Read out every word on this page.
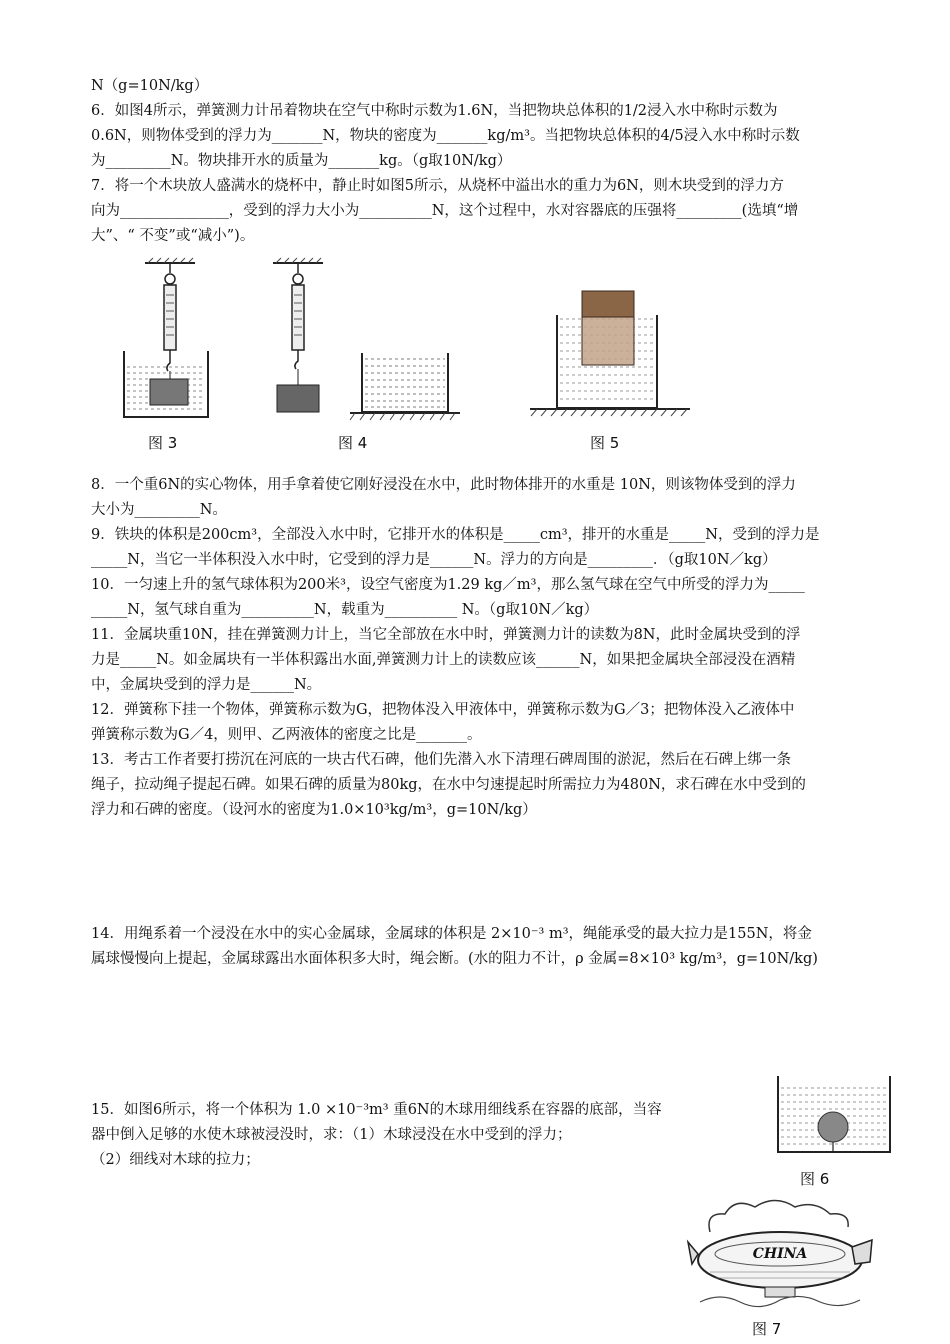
N（g=10N/kg）
6．如图4所示，弹簧测力计吊着物块在空气中称时示数为1.6N，当把物块总体积的1/2浸入水中称时示数为
0.6N，则物体受到的浮力为_______N，物块的密度为_______kg/m³。当把物块总体积的4/5浸入水中称时示数
为_________N。物块排开水的质量为_______kg。（g取10N/kg）
7．将一个木块放人盛满水的烧杯中，静止时如图5所示，从烧杯中溢出水的重力为6N，则木块受到的浮力方
向为_______________，受到的浮力大小为__________N，这个过程中，水对容器底的压强将_________(选填“增
大”、“ 不变”或“减小”)。
8．一个重6N的实心物体，用手拿着使它刚好浸没在水中，此时物体排开的水重是 10N，则该物体受到的浮力
大小为_________N。
9．铁块的体积是200cm³，全部没入水中时，它排开水的体积是_____cm³，排开的水重是_____N，受到的浮力是
_____N，当它一半体积没入水中时，它受到的浮力是______N。浮力的方向是_________．（g取10N／kg）
10．一匀速上升的氢气球体积为200米³，设空气密度为1.29 kg／m³，那么氢气球在空气中所受的浮力为_____
_____N，氢气球自重为__________N，载重为__________ N。（g取10N／kg）
11．金属块重10N，挂在弹簧测力计上，当它全部放在水中时，弹簧测力计的读数为8N，此时金属块受到的浮
力是_____N。如金属块有一半体积露出水面,弹簧测力计上的读数应该______N，如果把金属块全部浸没在酒精
中，金属块受到的浮力是______N。
12．弹簧称下挂一个物体，弹簧称示数为G，把物体没入甲液体中，弹簧称示数为G／3；把物体没入乙液体中
弹簧称示数为G／4，则甲、乙两液体的密度之比是_______。
13．考古工作者要打捞沉在河底的一块古代石碑，他们先潜入水下清理石碑周围的淤泥，然后在石碑上绑一条
绳子，拉动绳子提起石碑。如果石碑的质量为80kg，在水中匀速提起时所需拉力为480N，求石碑在水中受到的
浮力和石碑的密度。（设河水的密度为1.0×10³kg/m³，g=10N/kg）
14．用绳系着一个浸没在水中的实心金属球，金属球的体积是 2×10⁻³ m³，绳能承受的最大拉力是155N，将金
属球慢慢向上提起，金属球露出水面体积多大时，绳会断。(水的阻力不计，ρ 金属=8×10³ kg/m³，g=10N/kg)
15．如图6所示，将一个体积为 1.0 ×10⁻³m³ 重6N的木球用细线系在容器的底部，当容
器中倒入足够的水使木球被浸没时，求：（1）木球浸没在水中受到的浮力；
（2）细线对木球的拉力；
图 3	图 4	图 5
图 6
CHINA
图 7
